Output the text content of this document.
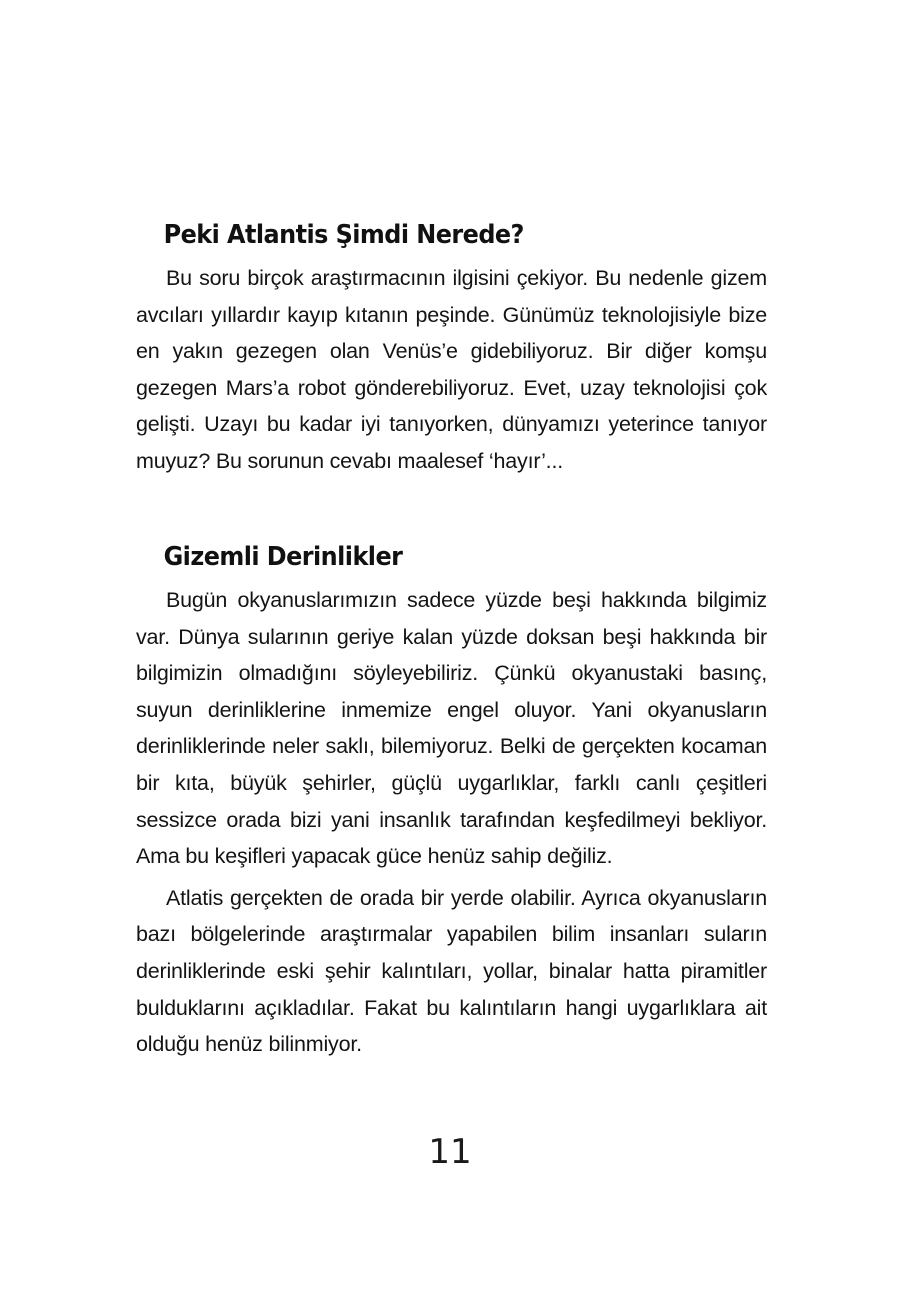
Peki Atlantis Şimdi Nerede?

Bu soru birçok araştırmacının ilgisini çekiyor. Bu nedenle gizem avcıları yıllardır kayıp kıtanın peşinde. Günümüz teknolojisiyle bize en yakın gezegen olan Venüs’e gidebiliyoruz. Bir diğer komşu gezegen Mars’a robot gönderebiliyoruz. Evet, uzay teknolojisi çok gelişti. Uzayı bu kadar iyi tanıyorken, dünyamızı yeterince tanıyor muyuz? Bu sorunun cevabı maalesef ‘hayır’...

Gizemli Derinlikler

Bugün okyanuslarımızın sadece yüzde beşi hakkında bilgimiz var. Dünya sularının geriye kalan yüzde doksan beşi hakkında bir bilgimizin olmadığını söyleyebiliriz. Çünkü okyanustaki basınç, suyun derinliklerine inmemize engel oluyor. Yani okyanusların derinliklerinde neler saklı, bilemiyoruz. Belki de gerçekten kocaman bir kıta, büyük şehirler, güçlü uygarlıklar, farklı canlı çeşitleri sessizce orada bizi yani insanlık tarafından keşfedilmeyi bekliyor. Ama bu keşifleri yapacak güce henüz sahip değiliz.

Atlatis gerçekten de orada bir yerde olabilir. Ayrıca okyanusların bazı bölgelerinde araştırmalar yapabilen bilim insanları suların derinliklerinde eski şehir kalıntıları, yollar, binalar hatta piramitler bulduklarını açıkladılar. Fakat bu kalıntıların hangi uygarlıklara ait olduğu henüz bilinmiyor.

11
